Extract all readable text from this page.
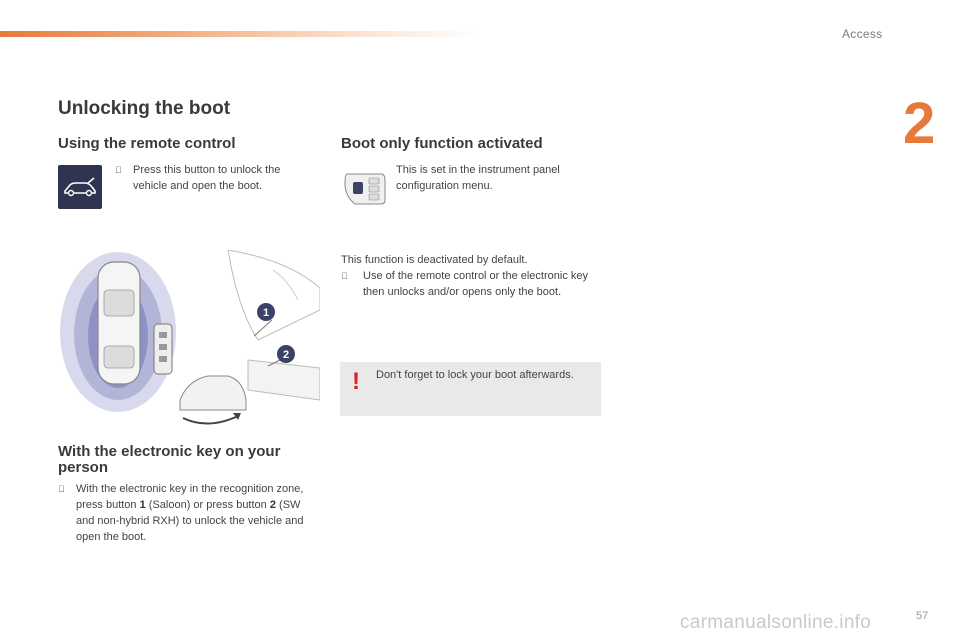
Access
2
Unlocking the boot
Using the remote control
Press this button to unlock the vehicle and open the boot.
1
2
With the electronic key on your person
With the electronic key in the recognition zone, press button 1 (Saloon) or press button 2 (SW and non-hybrid RXH) to unlock the vehicle and open the boot.
Boot only function activated
This is set in the instrument panel configuration menu.
This function is deactivated by default.
Use of the remote control or the electronic key then unlocks and/or opens only the boot.
! Don't forget to lock your boot afterwards.
carmanualsonline.info	57
